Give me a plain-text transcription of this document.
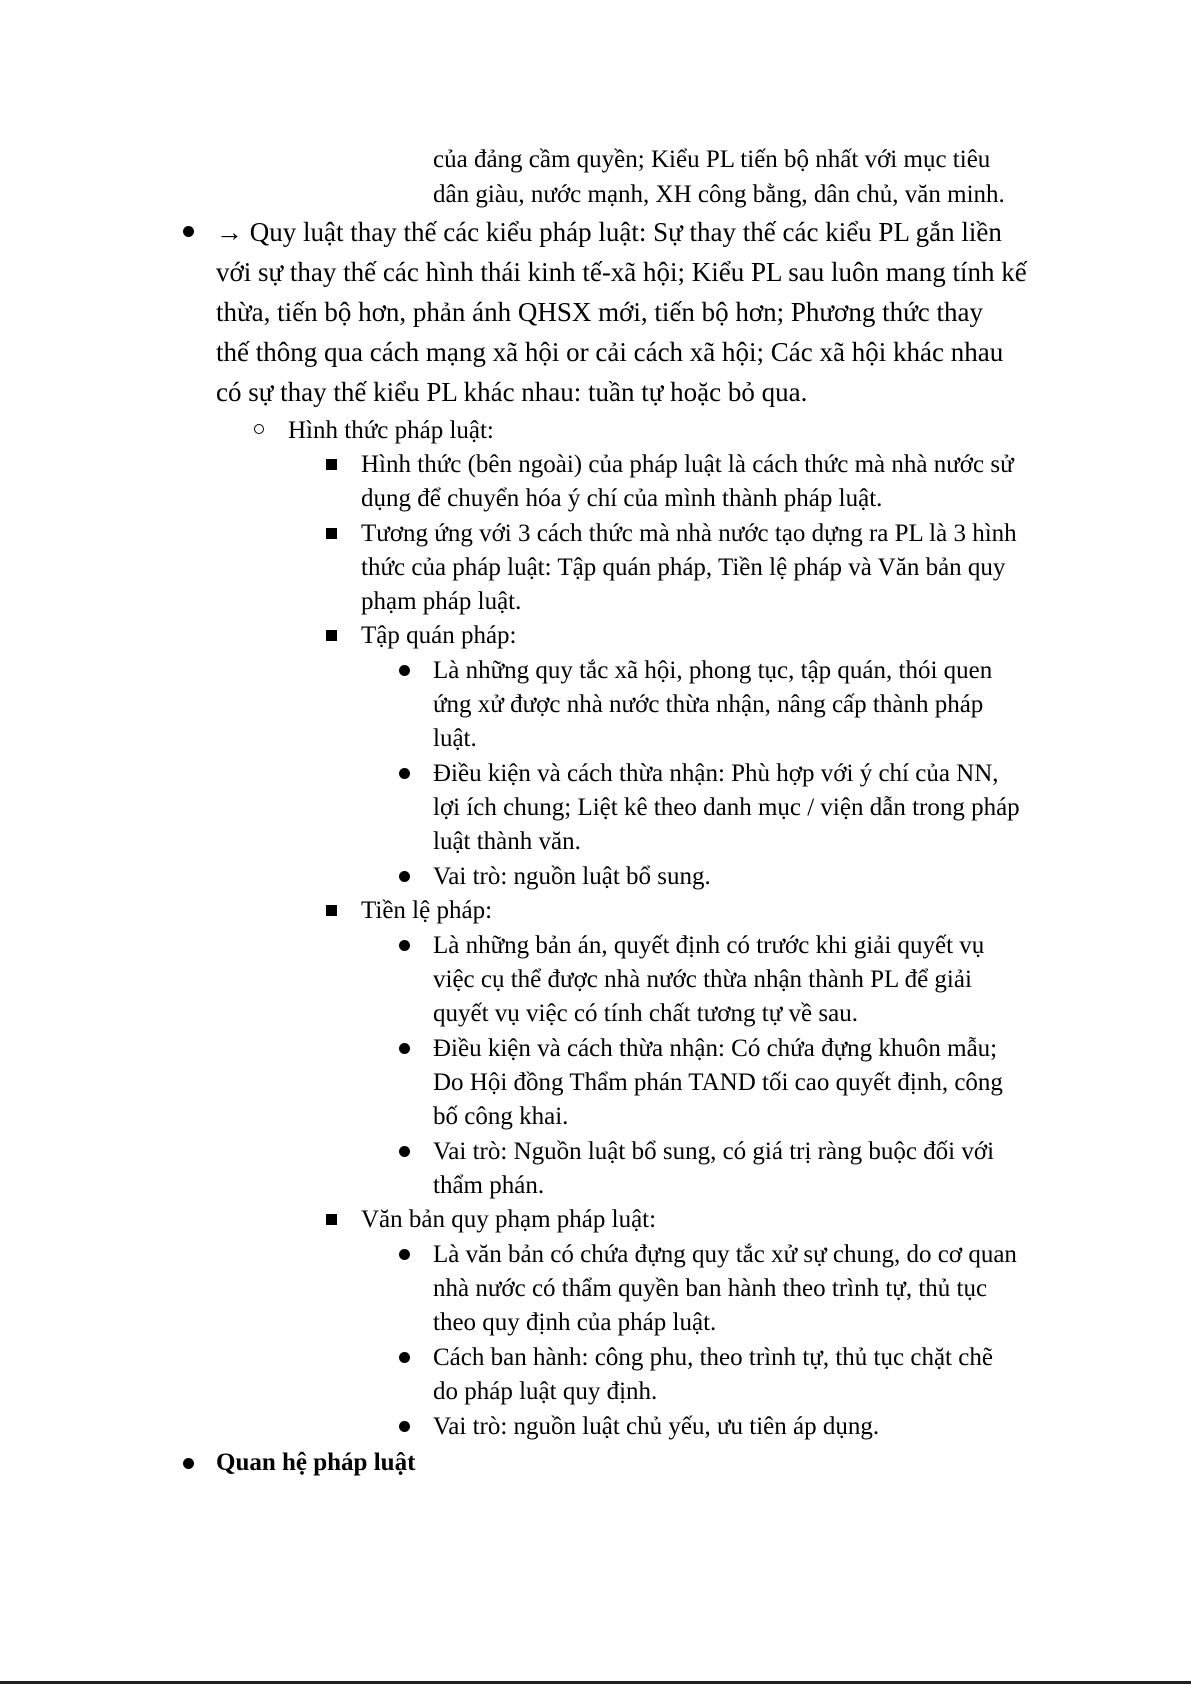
của đảng cầm quyền; Kiểu PL tiến bộ nhất với mục tiêu
dân giàu, nước mạnh, XH công bằng, dân chủ, văn minh.
→ Quy luật thay thế các kiểu pháp luật: Sự thay thế các kiểu PL gắn liền
với sự thay thế các hình thái kinh tế-xã hội; Kiểu PL sau luôn mang tính kế
thừa, tiến bộ hơn, phản ánh QHSX mới, tiến bộ hơn; Phương thức thay
thế thông qua cách mạng xã hội or cải cách xã hội; Các xã hội khác nhau
có sự thay thế kiểu PL khác nhau: tuần tự hoặc bỏ qua.
Hình thức pháp luật:
Hình thức (bên ngoài) của pháp luật là cách thức mà nhà nước sử
dụng để chuyển hóa ý chí của mình thành pháp luật.
Tương ứng với 3 cách thức mà nhà nước tạo dựng ra PL là 3 hình
thức của pháp luật: Tập quán pháp, Tiền lệ pháp và Văn bản quy
phạm pháp luật.
Tập quán pháp:
Là những quy tắc xã hội, phong tục, tập quán, thói quen
ứng xử được nhà nước thừa nhận, nâng cấp thành pháp
luật.
Điều kiện và cách thừa nhận: Phù hợp với ý chí của NN,
lợi ích chung; Liệt kê theo danh mục / viện dẫn trong pháp
luật thành văn.
Vai trò: nguồn luật bổ sung.
Tiền lệ pháp:
Là những bản án, quyết định có trước khi giải quyết vụ
việc cụ thể được nhà nước thừa nhận thành PL để giải
quyết vụ việc có tính chất tương tự về sau.
Điều kiện và cách thừa nhận: Có chứa đựng khuôn mẫu;
Do Hội đồng Thẩm phán TAND tối cao quyết định, công
bố công khai.
Vai trò: Nguồn luật bổ sung, có giá trị ràng buộc đối với
thẩm phán.
Văn bản quy phạm pháp luật:
Là văn bản có chứa đựng quy tắc xử sự chung, do cơ quan
nhà nước có thẩm quyền ban hành theo trình tự, thủ tục
theo quy định của pháp luật.
Cách ban hành: công phu, theo trình tự, thủ tục chặt chẽ
do pháp luật quy định.
Vai trò: nguồn luật chủ yếu, ưu tiên áp dụng.
Quan hệ pháp luật
